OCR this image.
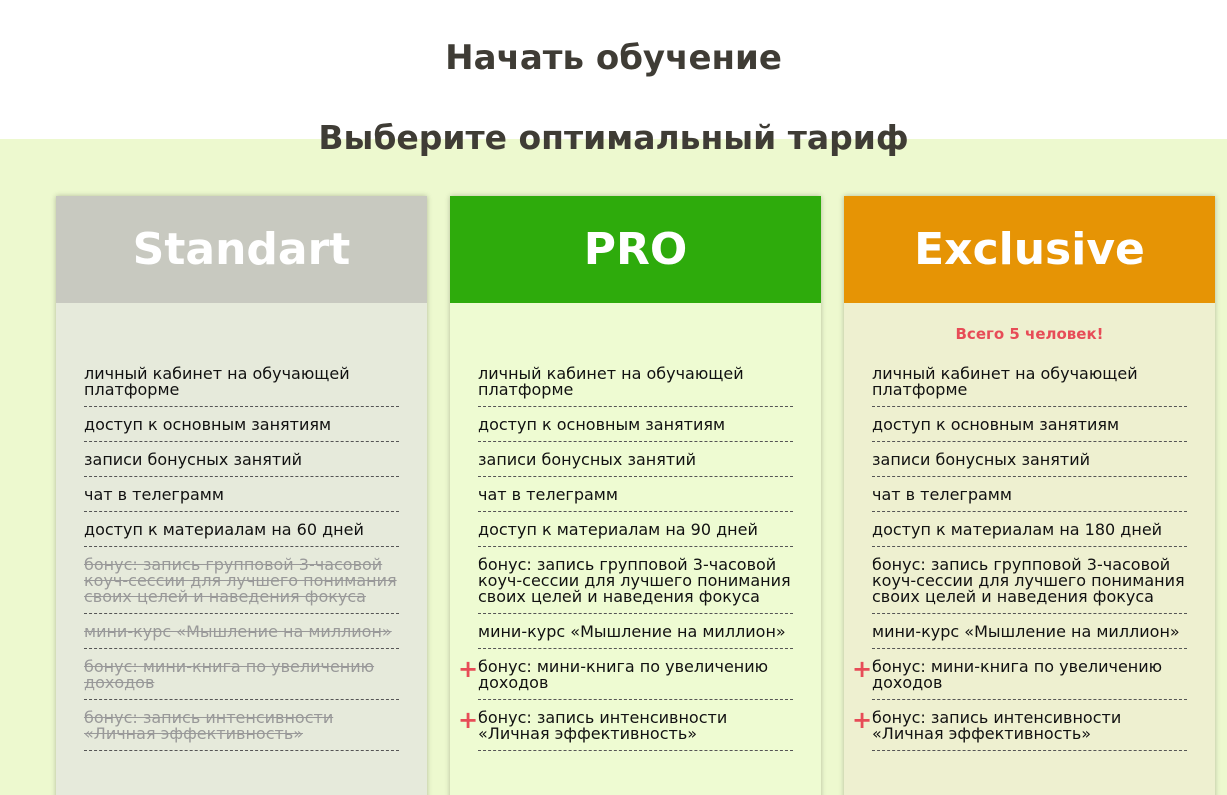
Начать обучение
Выберите оптимальный тариф
Standart
личный кабинет на обучающей платформе
доступ к основным занятиям
записи бонусных занятий
чат в телеграмм
доступ к материалам на 60 дней
бонус: запись групповой 3-часовой коуч-сессии для лучшего понимания своих целей и наведения фокуса
мини-курс «Мышление на миллион»
бонус: мини-книга по увеличению доходов
бонус: запись интенсивности «Личная эффективность»
PRO
личный кабинет на обучающей платформе
доступ к основным занятиям
записи бонусных занятий
чат в телеграмм
доступ к материалам на 90 дней
бонус: запись групповой 3-часовой коуч-сессии для лучшего понимания своих целей и наведения фокуса
мини-курс «Мышление на миллион»
+ бонус: мини-книга по увеличению доходов
+ бонус: запись интенсивности «Личная эффективность»
Exclusive
Всего 5 человек!
личный кабинет на обучающей платформе
доступ к основным занятиям
записи бонусных занятий
чат в телеграмм
доступ к материалам на 180 дней
бонус: запись групповой 3-часовой коуч-сессии для лучшего понимания своих целей и наведения фокуса
мини-курс «Мышление на миллион»
+ бонус: мини-книга по увеличению доходов
+ бонус: запись интенсивности «Личная эффективность»
